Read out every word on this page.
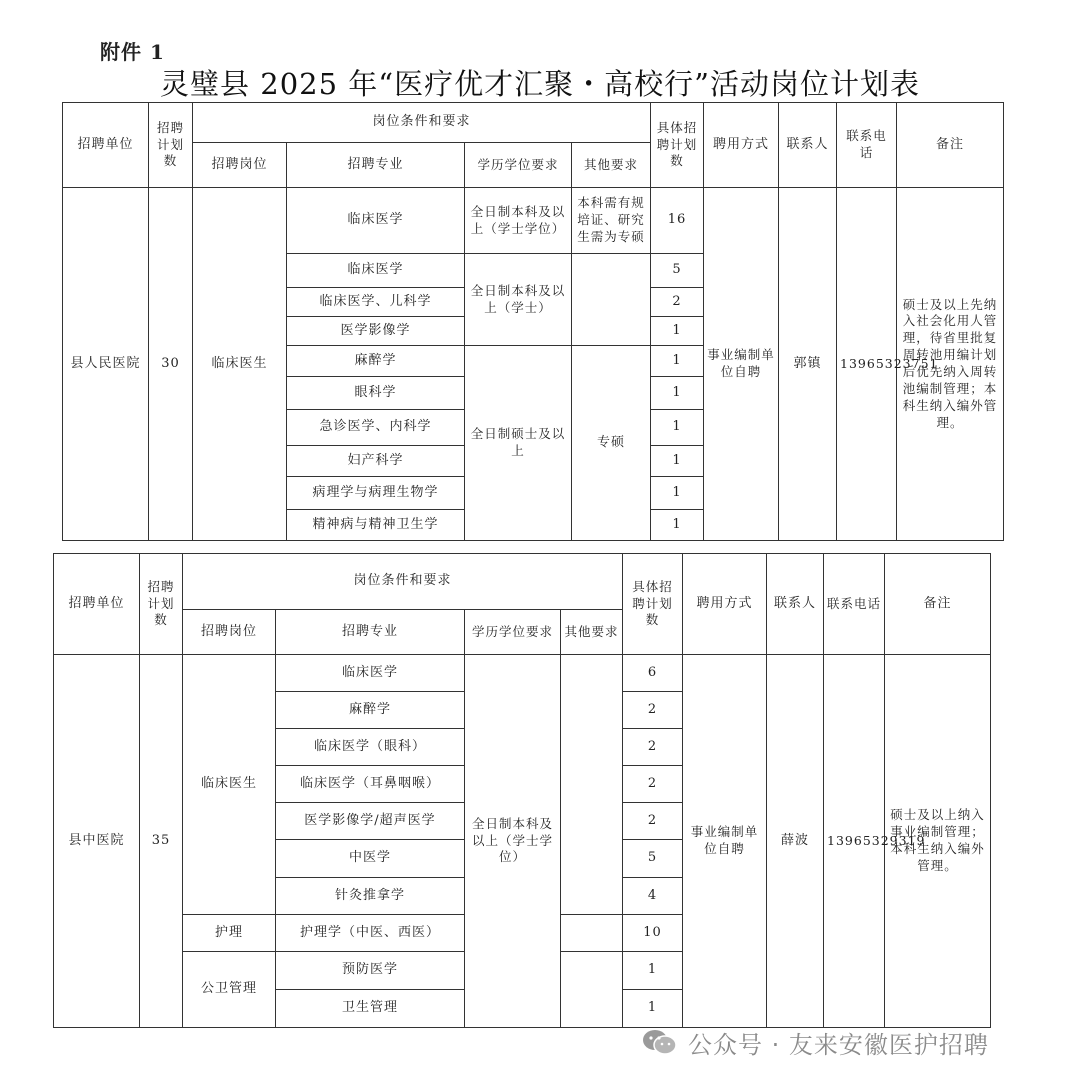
附件 1
灵璧县 2025 年“医疗优才汇聚・高校行”活动岗位计划表
招聘单位	招聘计划数	岗位条件和要求				具体招聘计划数	聘用方式	联系人	联系电话	备注
		招聘岗位	招聘专业	学历学位要求	其他要求					
县人民医院	30	临床医生	临床医学	全日制本科及以上（学士学位）	本科需有规培证、研究生需为专硕	16	事业编制单位自聘	郭镇	13965323751	硕士及以上先纳入社会化用人管理，待省里批复周转池用编计划后优先纳入周转池编制管理；本科生纳入编外管理。
			临床医学	全日制本科及以上（学士）		5				
			临床医学、儿科学			2				
			医学影像学			1				
			麻醉学	全日制硕士及以上	专硕	1				
			眼科学			1				
			急诊医学、内科学			1				
			妇产科学			1				
			病理学与病理生物学			1				
			精神病与精神卫生学			1				
招聘单位	招聘计划数	岗位条件和要求				具体招聘计划数	聘用方式	联系人	联系电话	备注
		招聘岗位	招聘专业	学历学位要求	其他要求					
县中医院	35	临床医生	临床医学	全日制本科及以上（学士学位）		6	事业编制单位自聘	薛波	13965329319	硕士及以上纳入事业编制管理；本科生纳入编外管理。
			麻醉学			2				
			临床医学（眼科）			2				
			临床医学（耳鼻咽喉）			2				
			医学影像学/超声医学			2				
			中医学			5				
			针灸推拿学			4				
		护理	护理学（中医、西医）			10				
		公卫管理	预防医学			1				
			卫生管理			1				
公众号 · 友来安徽医护招聘
